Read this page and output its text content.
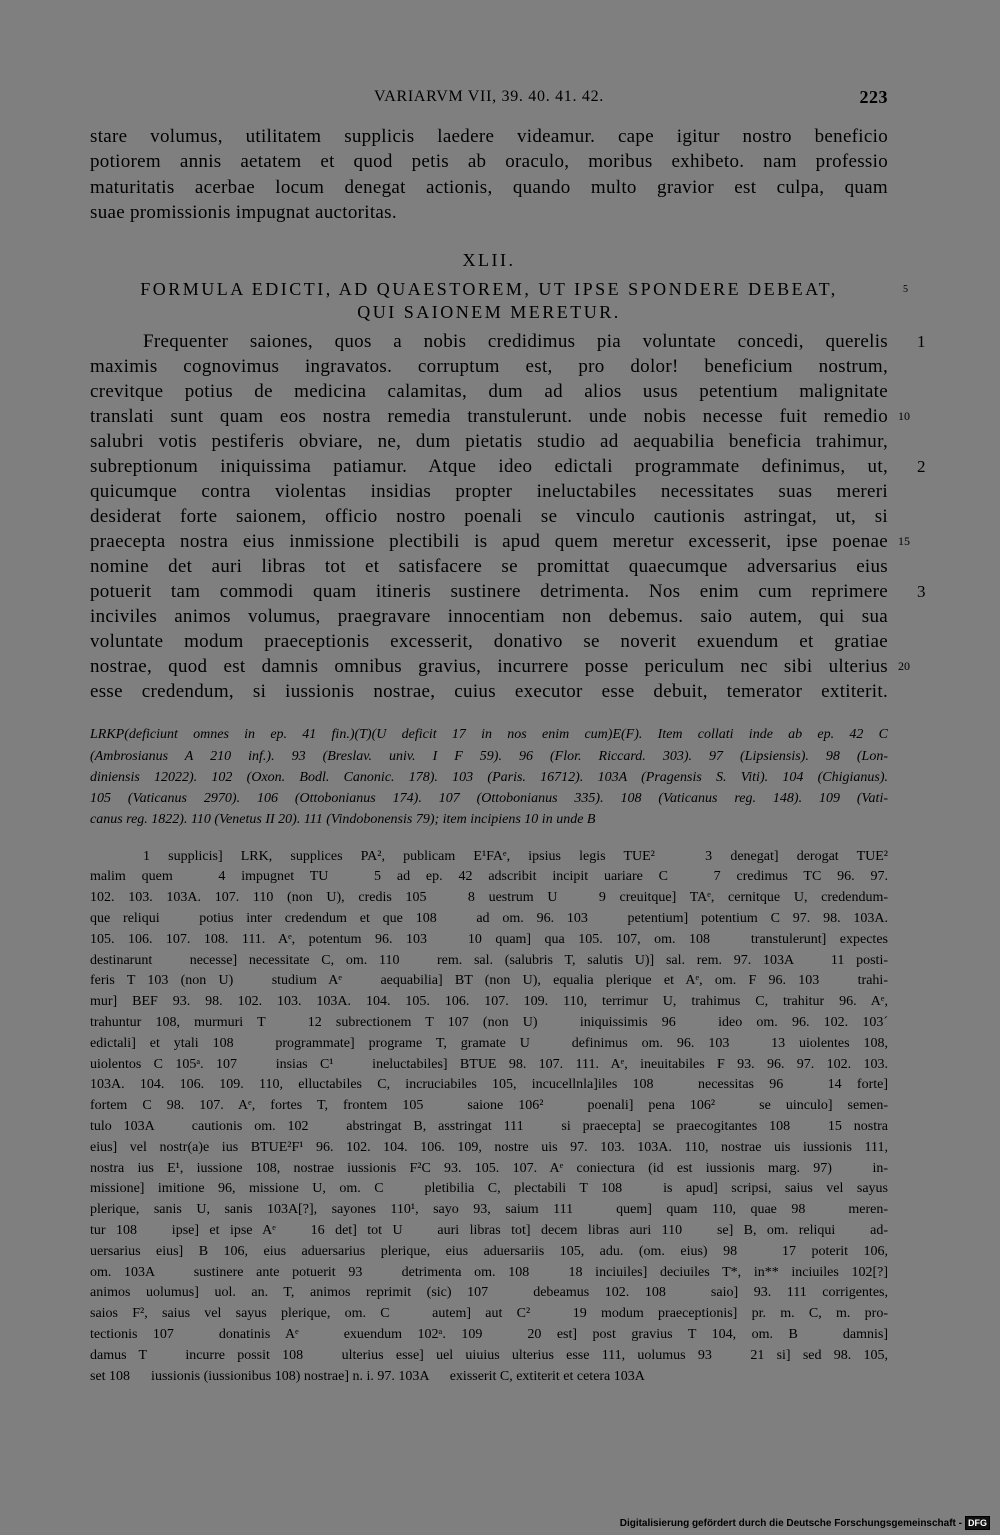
VARIARVM VII, 39. 40. 41. 42.	223
stare volumus, utilitatem supplicis laedere videamur. cape igitur nostro beneficio
potiorem annis aetatem et quod petis ab oraculo, moribus exhibeto. nam professio
maturitatis acerbae locum denegat actionis, quando multo gravior est culpa, quam
suae promissionis impugnat auctoritas.
XLII.
FORMULA EDICTI, AD QUAESTOREM, UT IPSE SPONDERE DEBEAT,	5
QUI SAIONEM MERETUR.
Frequenter saiones, quos a nobis credidimus pia voluntate concedi, querelis 1
maximis cognovimus ingravatos. corruptum est, pro dolor! beneficium nostrum,
crevitque potius de medicina calamitas, dum ad alios usus petentium malignitate
translati sunt quam eos nostra remedia transtulerunt. unde nobis necesse fuit remedio 10
salubri votis pestiferis obviare, ne, dum pietatis studio ad aequabilia beneficia trahimur,
subreptionum iniquissima patiamur. Atque ideo edictali programmate definimus, ut, 2
quicumque contra violentas insidias propter ineluctabiles necessitates suas mereri
desiderat forte saionem, officio nostro poenali se vinculo cautionis astringat, ut, si
praecepta nostra eius inmissione plectibili is apud quem meretur excesserit, ipse poenae 15
nomine det auri libras tot et satisfacere se promittat quaecumque adversarius eius
potuerit tam commodi quam itineris sustinere detrimenta. Nos enim cum reprimere 3
inciviles animos volumus, praegravare innocentiam non debemus. saio autem, qui sua
voluntate modum praeceptionis excesserit, donativo se noverit exuendum et gratiae
nostrae, quod est damnis omnibus gravius, incurrere posse periculum nec sibi ulterius 20
esse credendum, si iussionis nostrae, cuius executor esse debuit, temerator extiterit.
LRKP(deficiunt omnes in ep. 41 fin.)(T)(U deficit 17 in nos enim cum)E(F). Item collati inde ab ep. 42 C
(Ambrosianus A 210 inf.). 93 (Breslav. univ. I F 59). 96 (Flor. Riccard. 303). 97 (Lipsiensis). 98 (Lon-
diniensis 12022). 102 (Oxon. Bodl. Canonic. 178). 103 (Paris. 16712). 103A (Pragensis S. Viti). 104 (Chigianus).
105 (Vaticanus 2970). 106 (Ottobonianus 174). 107 (Ottobonianus 335). 108 (Vaticanus reg. 148). 109 (Vati-
canus reg. 1822). 110 (Venetus II 20). 111 (Vindobonensis 79); item incipiens 10 in unde B
1 supplicis] LRK, supplices PA², publicam E¹FAᵉ, ipsius legis TUE²   3 denegat] derogat TUE²
malim quem   4 impugnet TU   5 ad ep. 42 adscribit incipit uariare C   7 credimus TC 96. 97.
102. 103. 103A. 107. 110 (non U), credis 105   8 uestrum U   9 creuitque] TAᵉ, cernitque U, credendum-
que reliqui   potius inter credendum et que 108   ad om. 96. 103   petentium] potentium C 97. 98. 103A.
105. 106. 107. 108. 111. Aᵉ, potentum 96. 103   10 quam] qua 105. 107, om. 108   transtulerunt] expectes
destinarunt   necesse] necessitate C, om. 110   rem. sal. (salubris T, salutis U)] sal. rem. 97. 103A   11 posti-
feris T 103 (non U)   studium Aᵉ   aequabilia] BT (non U), equalia plerique et Aᵉ, om. F 96. 103   trahi-
mur] BEF 93. 98. 102. 103. 103A. 104. 105. 106. 107. 109. 110, terrimur U, trahimus C, trahitur 96. Aᵉ,
trahuntur 108, murmuri T   12 subrectionem T 107 (non U)   iniquissimis 96   ideo om. 96. 102. 103´
edictali] et ytali 108   programmate] programe T, gramate U   definimus om. 96. 103   13 uiolentes 108,
uiolentos C 105ᵃ. 107   insias C¹   ineluctabiles] BTUE 98. 107. 111. Aᵉ, ineuitabiles F 93. 96. 97. 102. 103.
103A. 104. 106. 109. 110, elluctabiles C, incruciabiles 105, incucellnla]iles 108   necessitas 96   14 forte]
fortem C 98. 107. Aᵉ, fortes T, frontem 105   saione 106²   poenali] pena 106²   se uinculo] semen-
tulo 103A   cautionis om. 102   abstringat B, asstringat 111   si praecepta] se praecogitantes 108   15 nostra
eius] vel nostr(a)e ius BTUE²F¹ 96. 102. 104. 106. 109, nostre uis 97. 103. 103A. 110, nostrae uis iussionis 111,
nostra ius E¹, iussione 108, nostrae iussionis F²C 93. 105. 107. Aᵉ coniectura (id est iussionis marg. 97)   in-
missione] imitione 96, missione U, om. C   pletibilia C, plectabili T 108   is apud] scripsi, saius vel sayus
plerique, sanis U, sanis 103A[?], sayones 110¹, sayo 93, saium 111   quem] quam 110, quae 98   meren-
tur 108   ipse] et ipse Aᵉ   16 det] tot U   auri libras tot] decem libras auri 110   se] B, om. reliqui   ad-
uersarius eius] B 106, eius aduersarius plerique, eius aduersariis 105, adu. (om. eius) 98   17 poterit 106,
om. 103A   sustinere ante potuerit 93   detrimenta om. 108   18 inciuiles] deciuiles T*, in** inciuiles 102[?]
animos uolumus] uol. an. T, animos reprimit (sic) 107   debeamus 102. 108   saio] 93. 111 corrigentes,
saios F², saius vel sayus plerique, om. C   autem] aut C²   19 modum praeceptionis] pr. m. C, m. pro-
tectionis 107   donatinis Aᵉ   exuendum 102ᵃ. 109   20 est] post gravius T 104, om. B   damnis]
damus T   incurre possit 108   ulterius esse] uel uiuius ulterius esse 111, uolumus 93   21 si] sed 98. 105,
set 108   iussionis (iussionibus 108) nostrae] n. i. 97. 103A   exisserit C, extiterit et cetera 103A
Digitalisierung gefördert durch die Deutsche Forschungsgemeinschaft - DFG
